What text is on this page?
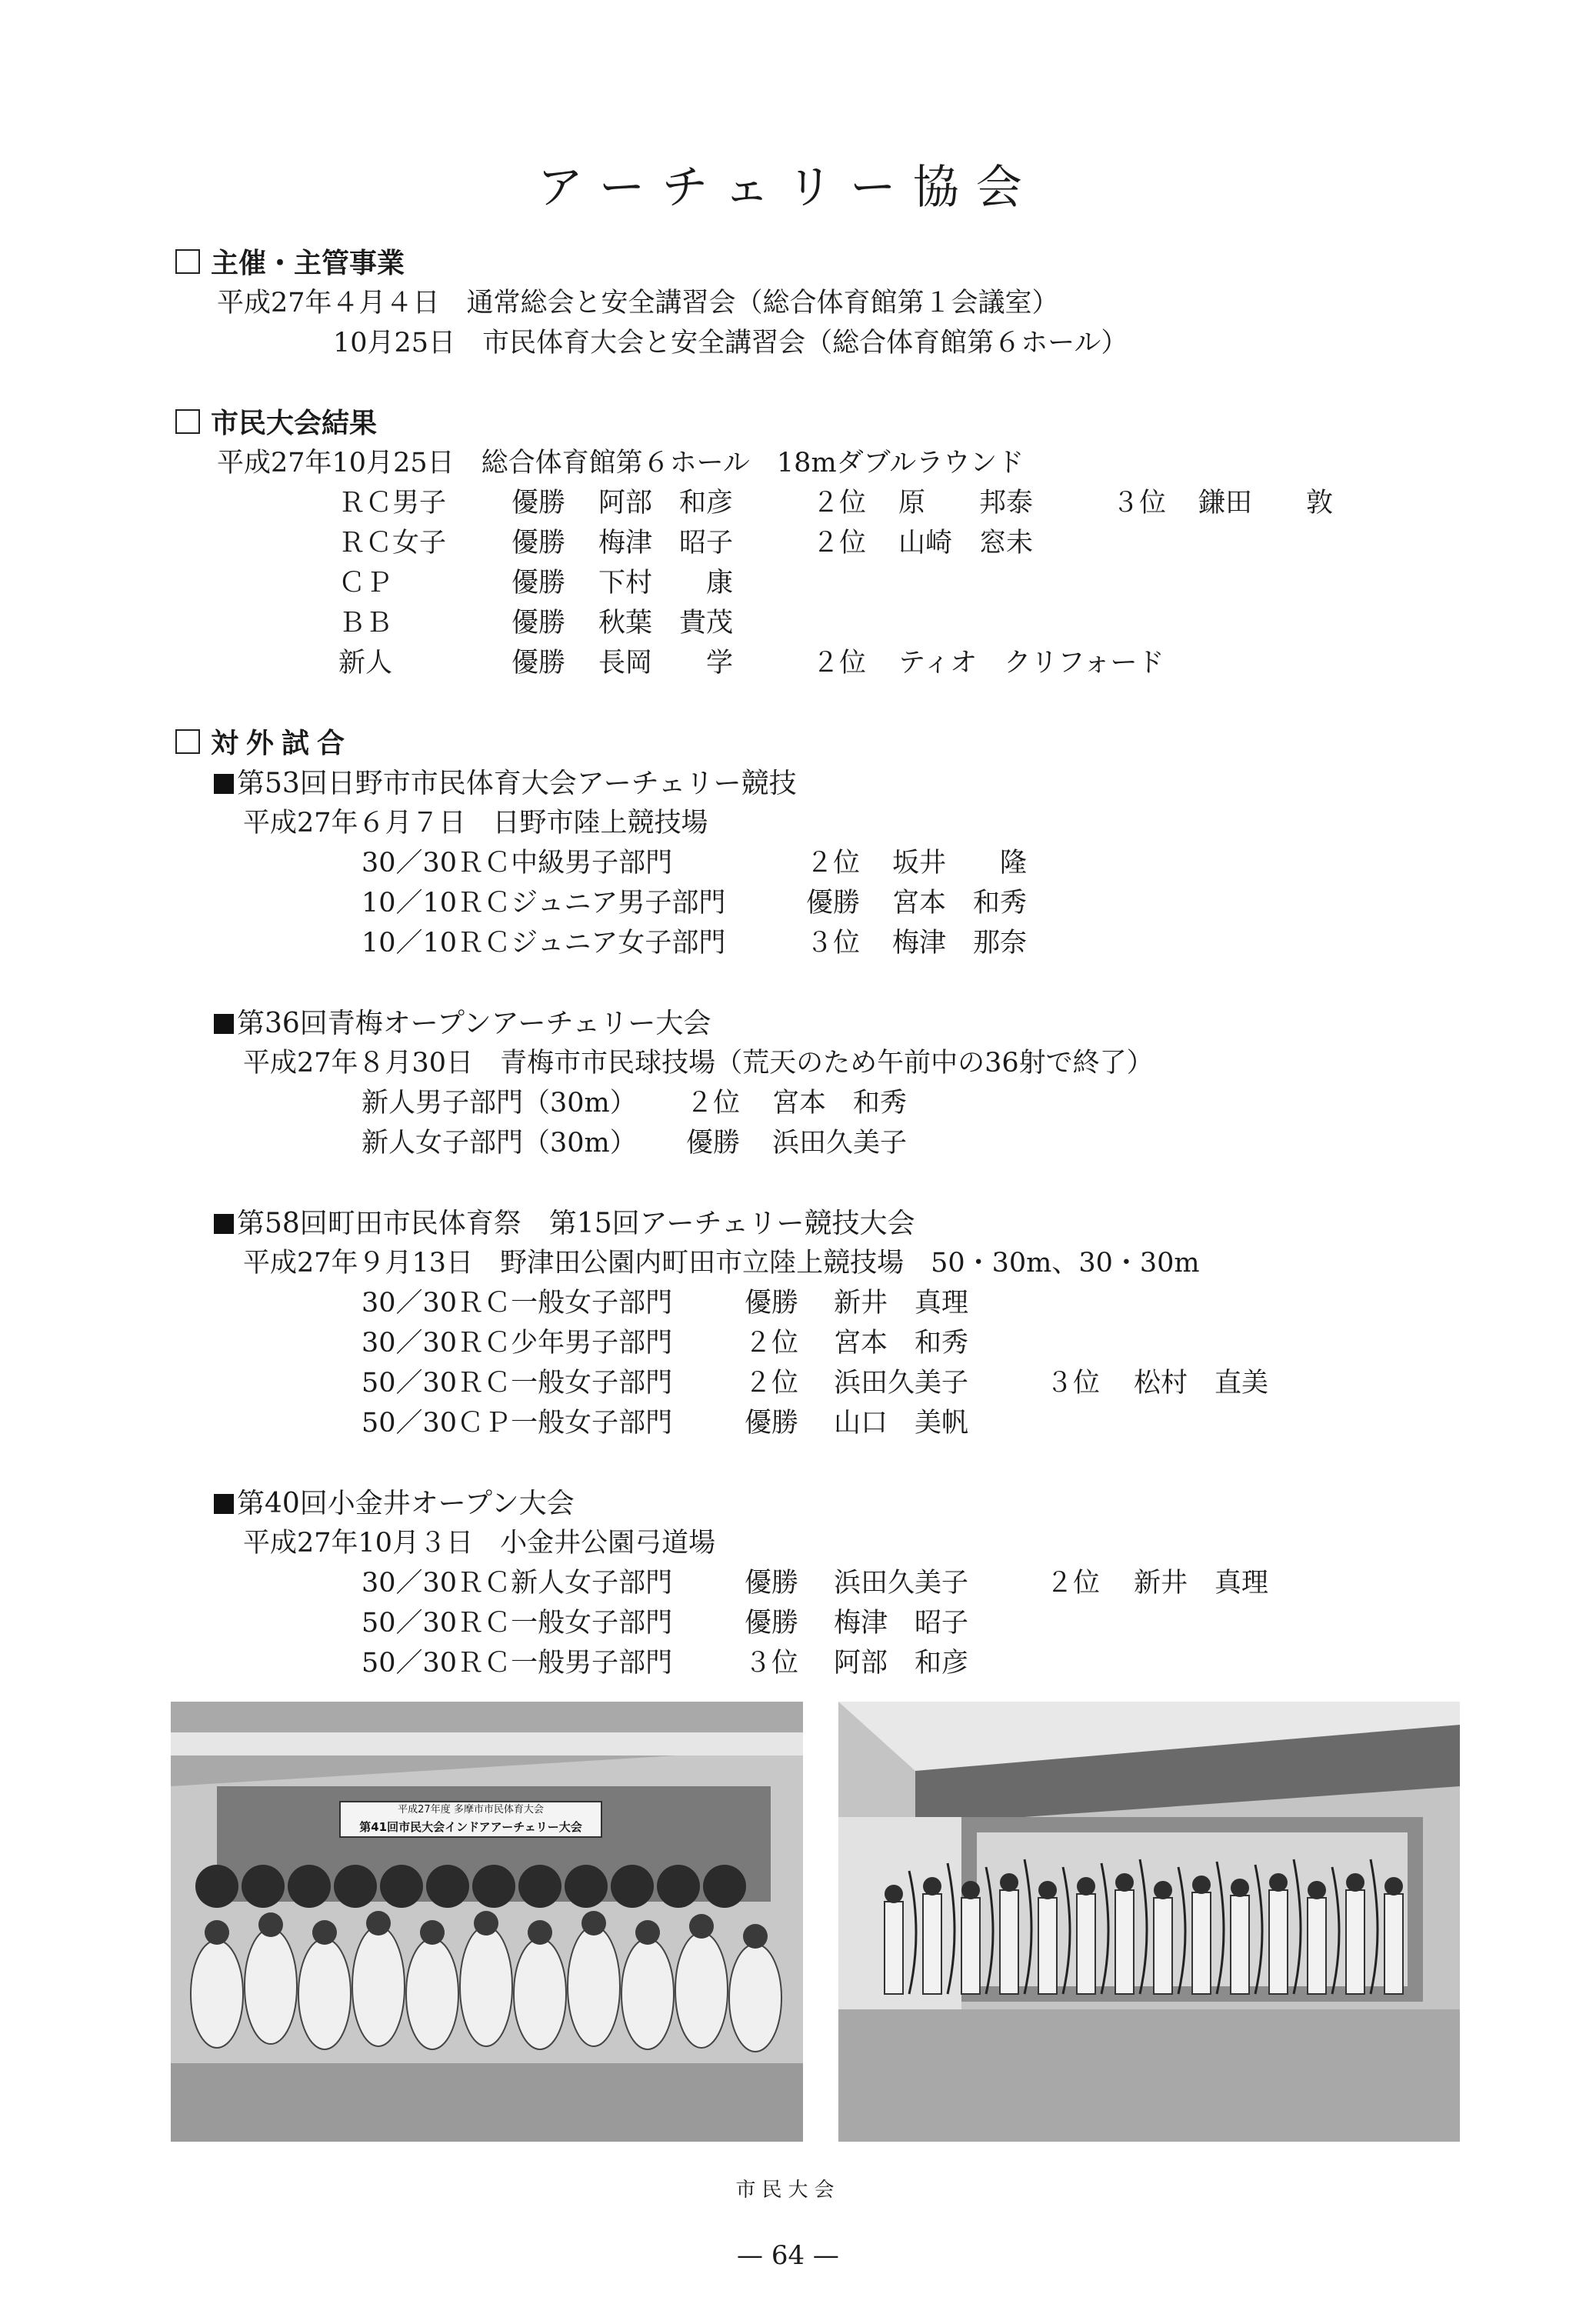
アーチェリー協会
主催・主管事業
平成27年４月４日　通常総会と安全講習会（総合体育館第１会議室）
10月25日　市民体育大会と安全講習会（総合体育館第６ホール）
市民大会結果
平成27年10月25日　総合体育館第６ホール　18mダブルラウンド
ＲＣ男子 優勝 阿部　和彦	２位 原　　邦泰	３位 鎌田　　敦
ＲＣ女子 優勝 梅津　昭子	２位 山崎　窓未
ＣＰ	優勝 下村　　康
ＢＢ	優勝 秋葉　貴茂
新人	優勝 長岡　　学	２位 ティオ　クリフォード
対外試合
第53回日野市市民体育大会アーチェリー競技
平成27年６月７日　日野市陸上競技場
30／30ＲＣ中級男子部門	２位 坂井　　隆
10／10ＲＣジュニア男子部門	優勝 宮本　和秀
10／10ＲＣジュニア女子部門	３位 梅津　那奈
第36回青梅オープンアーチェリー大会
平成27年８月30日　青梅市市民球技場（荒天のため午前中の36射で終了）
新人男子部門（30m） ２位 宮本　和秀
新人女子部門（30m） 優勝 浜田久美子
第58回町田市民体育祭　第15回アーチェリー競技大会
平成27年９月13日　野津田公園内町田市立陸上競技場　50・30m、30・30m
30／30ＲＣ一般女子部門	優勝 新井　真理
30／30ＲＣ少年男子部門	２位 宮本　和秀
50／30ＲＣ一般女子部門	２位 浜田久美子	３位 松村　直美
50／30ＣＰ一般女子部門	優勝 山口　美帆
第40回小金井オープン大会
平成27年10月３日　小金井公園弓道場
30／30ＲＣ新人女子部門	優勝 浜田久美子	２位 新井　真理
50／30ＲＣ一般女子部門	優勝 梅津　昭子
50／30ＲＣ一般男子部門	３位 阿部　和彦
平成27年度 多摩市市民体育大会
第41回市民大会インドアアーチェリー大会
市民大会
— 64 —
